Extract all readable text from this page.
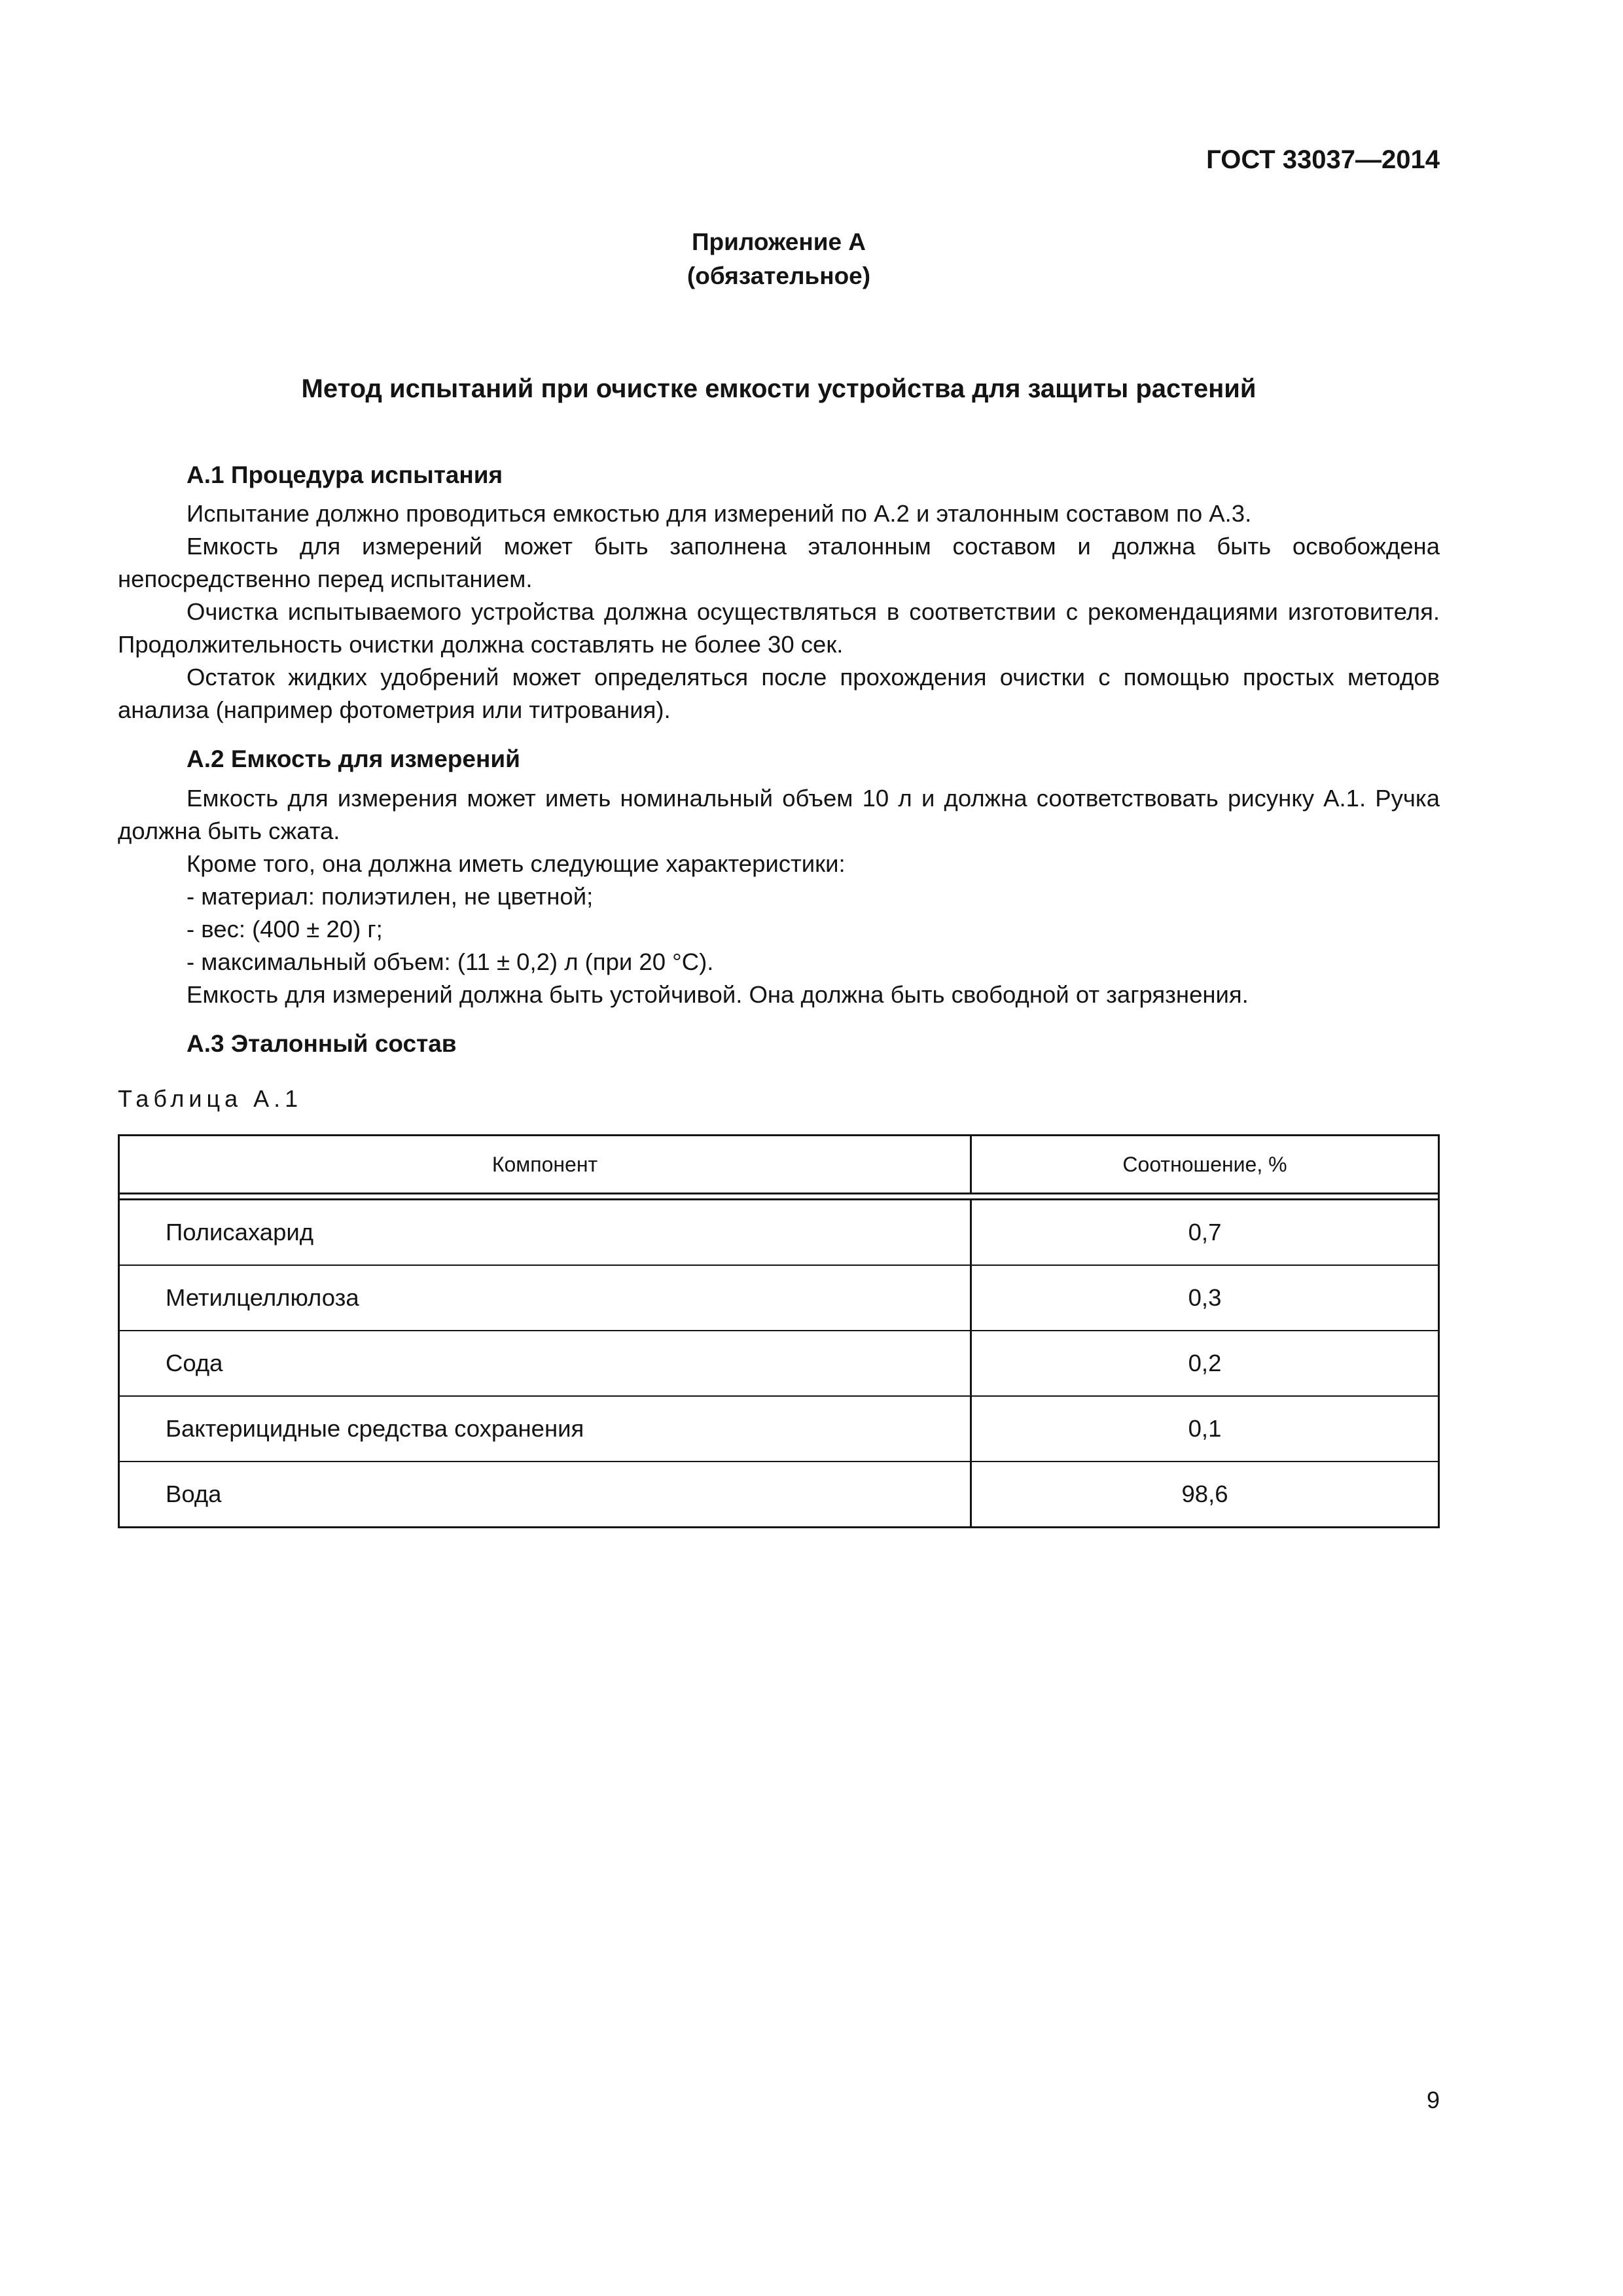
ГОСТ 33037—2014
Приложение А
(обязательное)
Метод испытаний при очистке емкости устройства для защиты растений
А.1 Процедура испытания
Испытание должно проводиться емкостью для измерений по А.2 и эталонным составом по А.3.
Емкость для измерений может быть заполнена эталонным составом и должна быть освобождена непосредственно перед испытанием.
Очистка испытываемого устройства должна осуществляться в соответствии с рекомендациями изготовителя. Продолжительность очистки должна составлять не более 30 сек.
Остаток жидких удобрений может определяться после прохождения очистки с помощью простых методов анализа (например фотометрия или титрования).
А.2 Емкость для измерений
Емкость для измерения может иметь номинальный объем 10 л и должна соответствовать рисунку А.1. Ручка должна быть сжата.
Кроме того, она должна иметь следующие характеристики:
- материал: полиэтилен, не цветной;
- вес: (400 ± 20) г;
- максимальный объем: (11 ± 0,2) л (при 20 °С).
Емкость для измерений должна быть устойчивой. Она должна быть свободной от загрязнения.
А.3 Эталонный состав
Таблица А.1
Компонент	Соотношение, %
Полисахарид	0,7
Метилцеллюлоза	0,3
Сода	0,2
Бактерицидные средства сохранения	0,1
Вода	98,6
9
